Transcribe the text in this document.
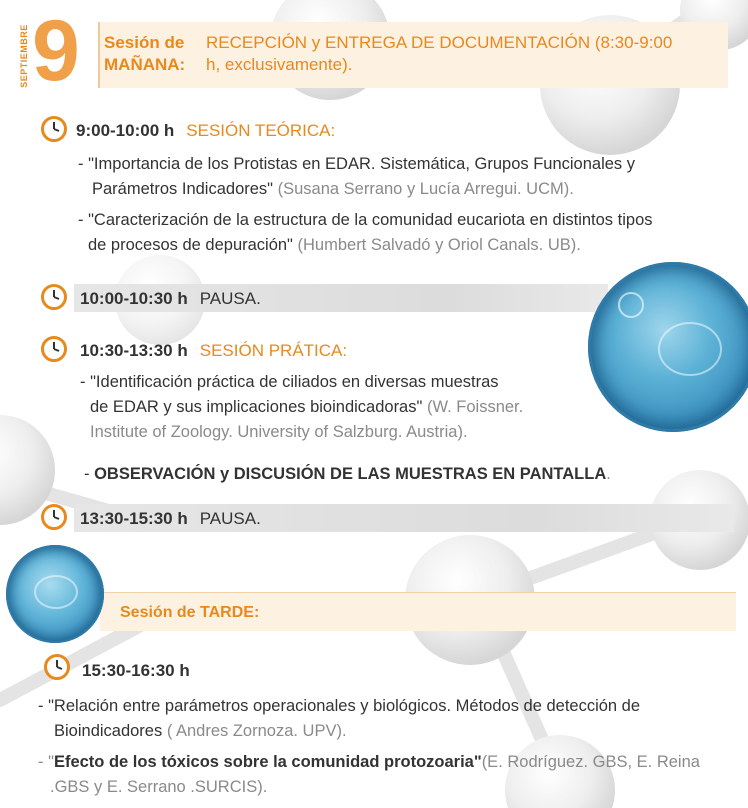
SEPTIEMBRE 9 Sesión de
MAÑANA:
RECEPCIÓN y ENTREGA DE DOCUMENTACIÓN (8:30-9:00
h, exclusivamente).
9:00-10:00 h SESIÓN TEÓRICA:
- "Importancia de los Protistas en EDAR. Sistemática, Grupos Funcionales y
Parámetros Indicadores" (Susana Serrano y Lucía Arregui. UCM).
- "Caracterización de la estructura de la comunidad eucariota en distintos tipos
de procesos de depuración" (Humbert Salvadó y Oriol Canals. UB).
10:00-10:30 h PAUSA.
10:30-13:30 h SESIÓN PRÁTICA:
- "Identificación práctica de ciliados en diversas muestras
de EDAR y sus implicaciones bioindicadoras" (W. Foissner.
Institute of Zoology. University of Salzburg. Austria).
- OBSERVACIÓN y DISCUSIÓN DE LAS MUESTRAS EN PANTALLA.
13:30-15:30 h PAUSA.
Sesión de TARDE:
15:30-16:30 h
- "Relación entre parámetros operacionales y biológicos. Métodos de detección de
Bioindicadores ( Andres Zornoza. UPV).
- "Efecto de los tóxicos sobre la comunidad protozoaria"(E. Rodríguez. GBS, E. Reina
.GBS y E. Serrano .SURCIS).
